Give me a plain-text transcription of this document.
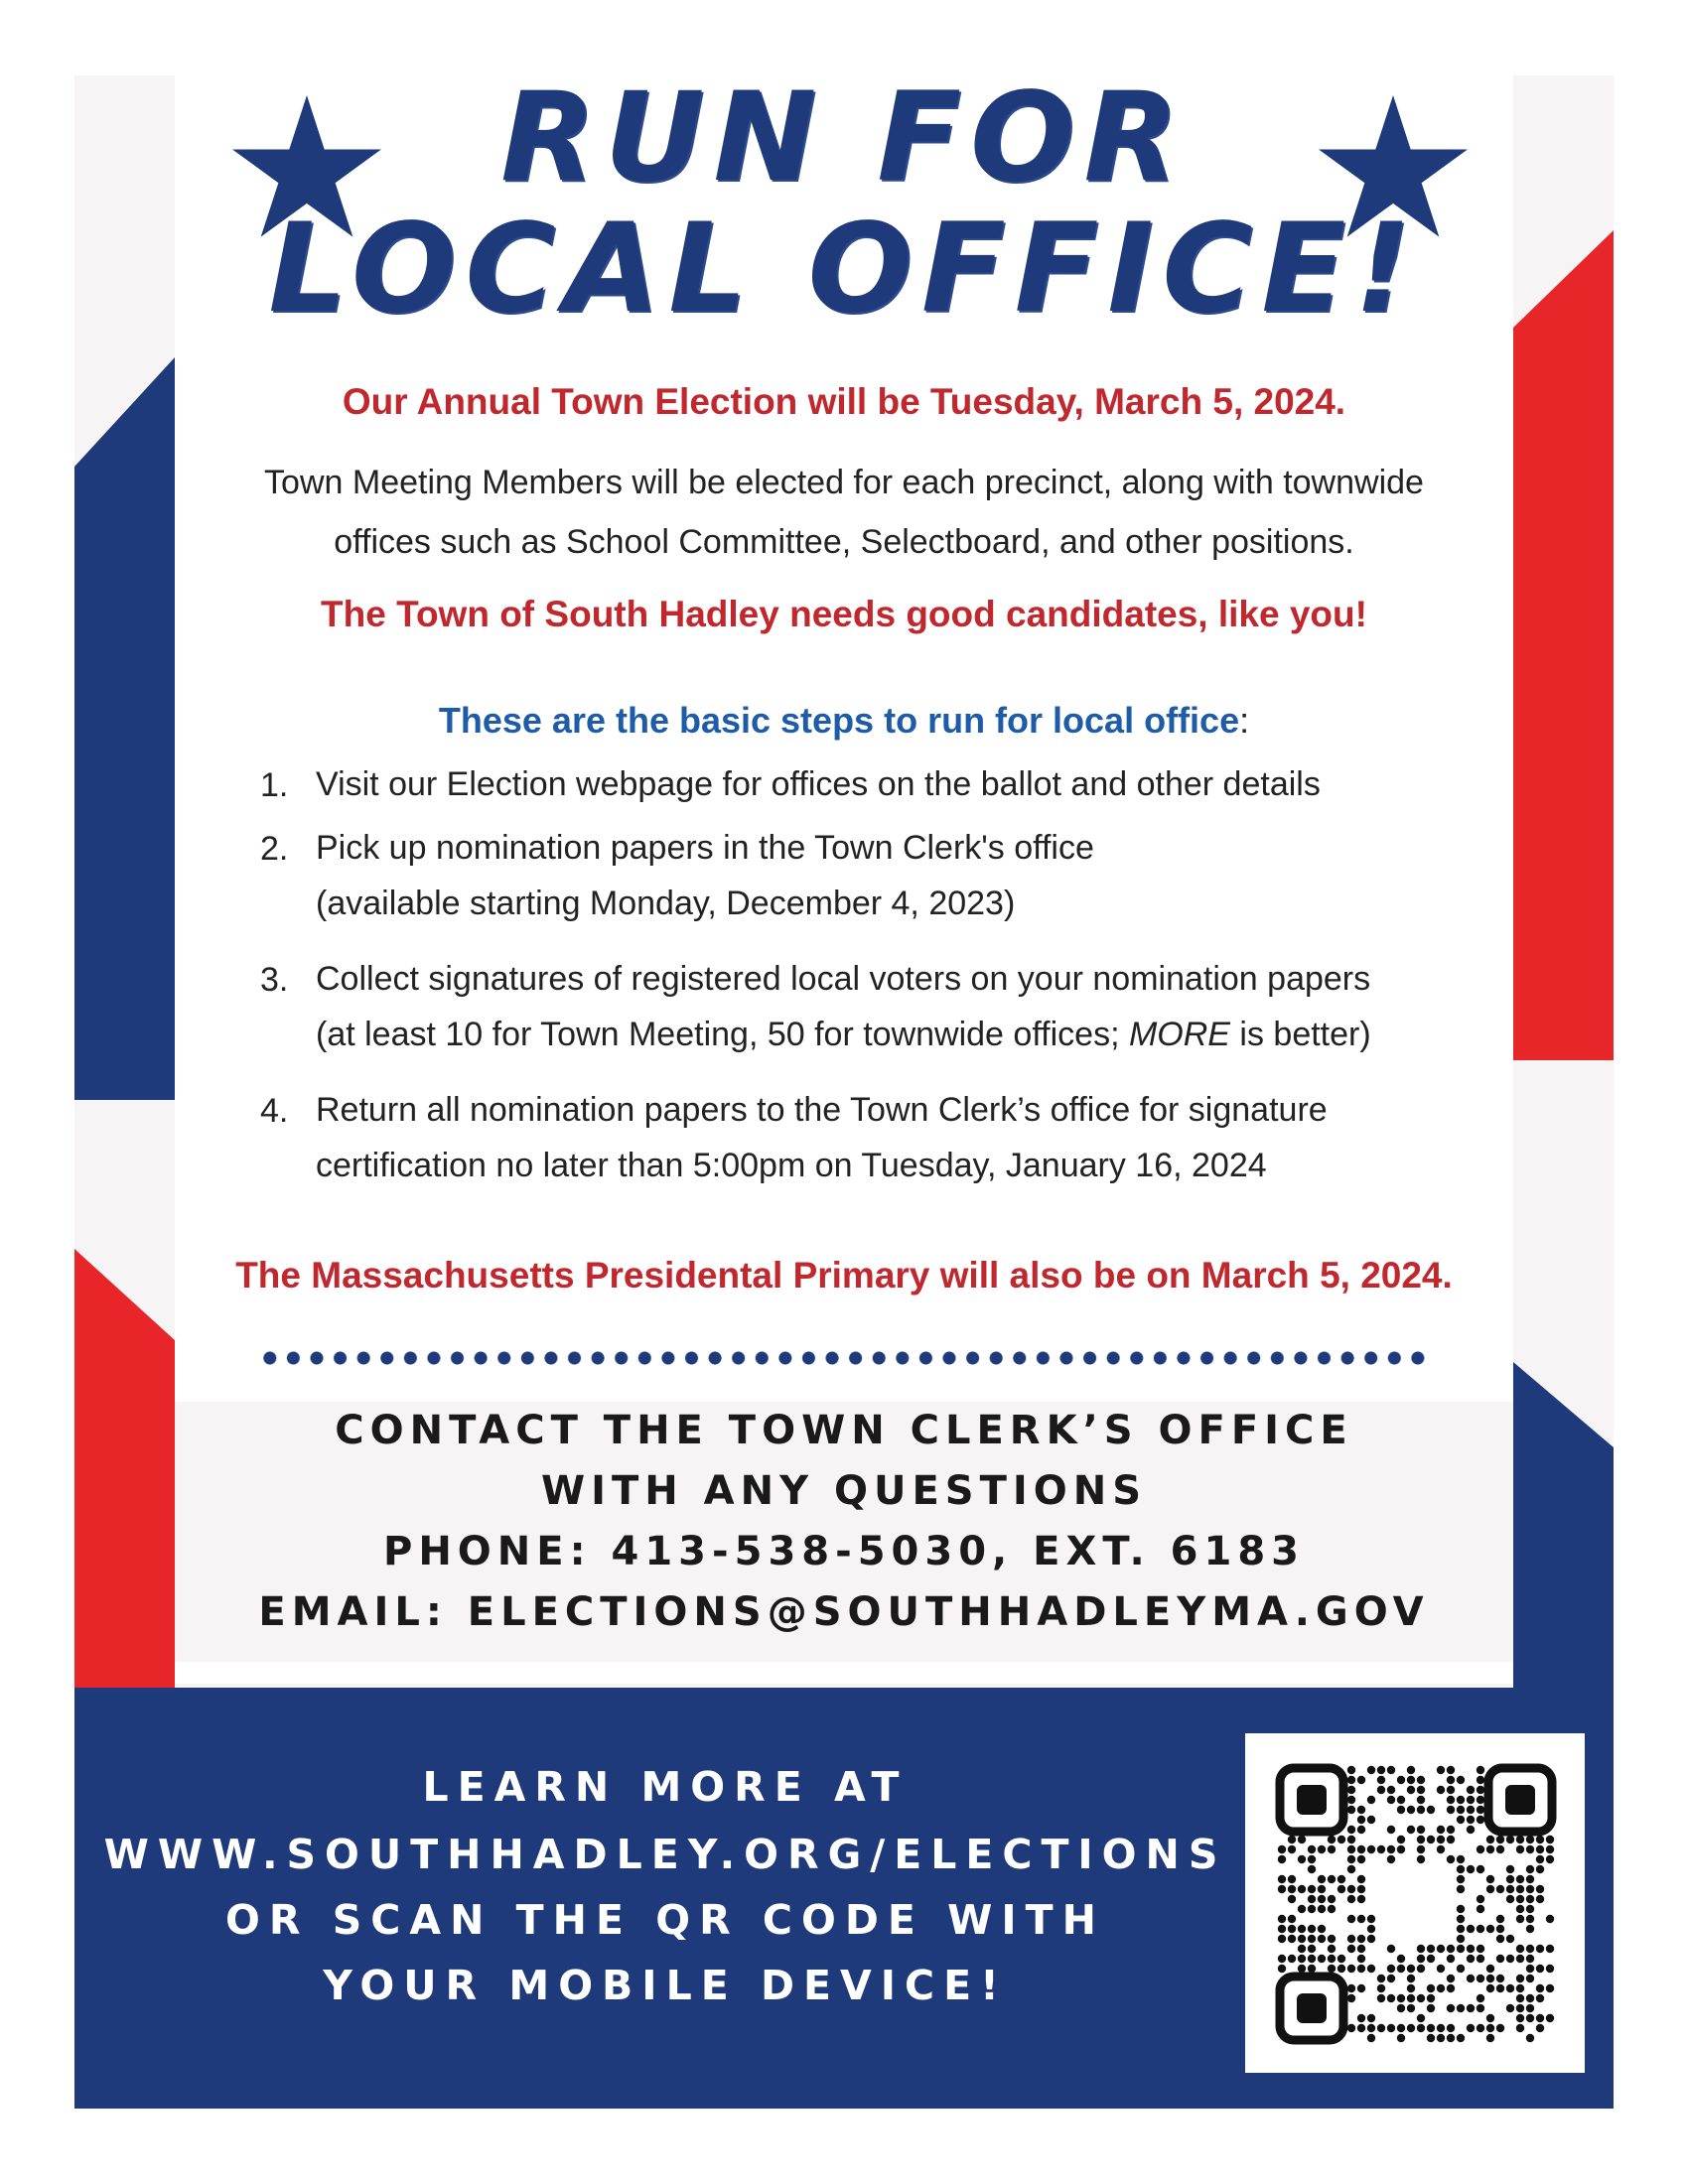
RUN FOR
LOCAL OFFICE!
Our Annual Town Election will be Tuesday, March 5, 2024.
Town Meeting Members will be elected for each precinct, along with townwide
offices such as School Committee, Selectboard, and other positions.
The Town of South Hadley needs good candidates, like you!
These are the basic steps to run for local office:
1. Visit our Election webpage for offices on the ballot and other details
2. Pick up nomination papers in the Town Clerk's office
(available starting Monday, December 4, 2023)
3. Collect signatures of registered local voters on your nomination papers
(at least 10 for Town Meeting, 50 for townwide offices; MORE is better)
4. Return all nomination papers to the Town Clerk’s office for signature
certification no later than 5:00pm on Tuesday, January 16, 2024
The Massachusetts Presidental Primary will also be on March 5, 2024.
CONTACT THE TOWN CLERK’S OFFICE
WITH ANY QUESTIONS
PHONE: 413-538-5030, EXT. 6183
EMAIL: ELECTIONS@SOUTHHADLEYMA.GOV
LEARN MORE AT
WWW.SOUTHHADLEY.ORG/ELECTIONS
OR SCAN THE QR CODE WITH
YOUR MOBILE DEVICE!
